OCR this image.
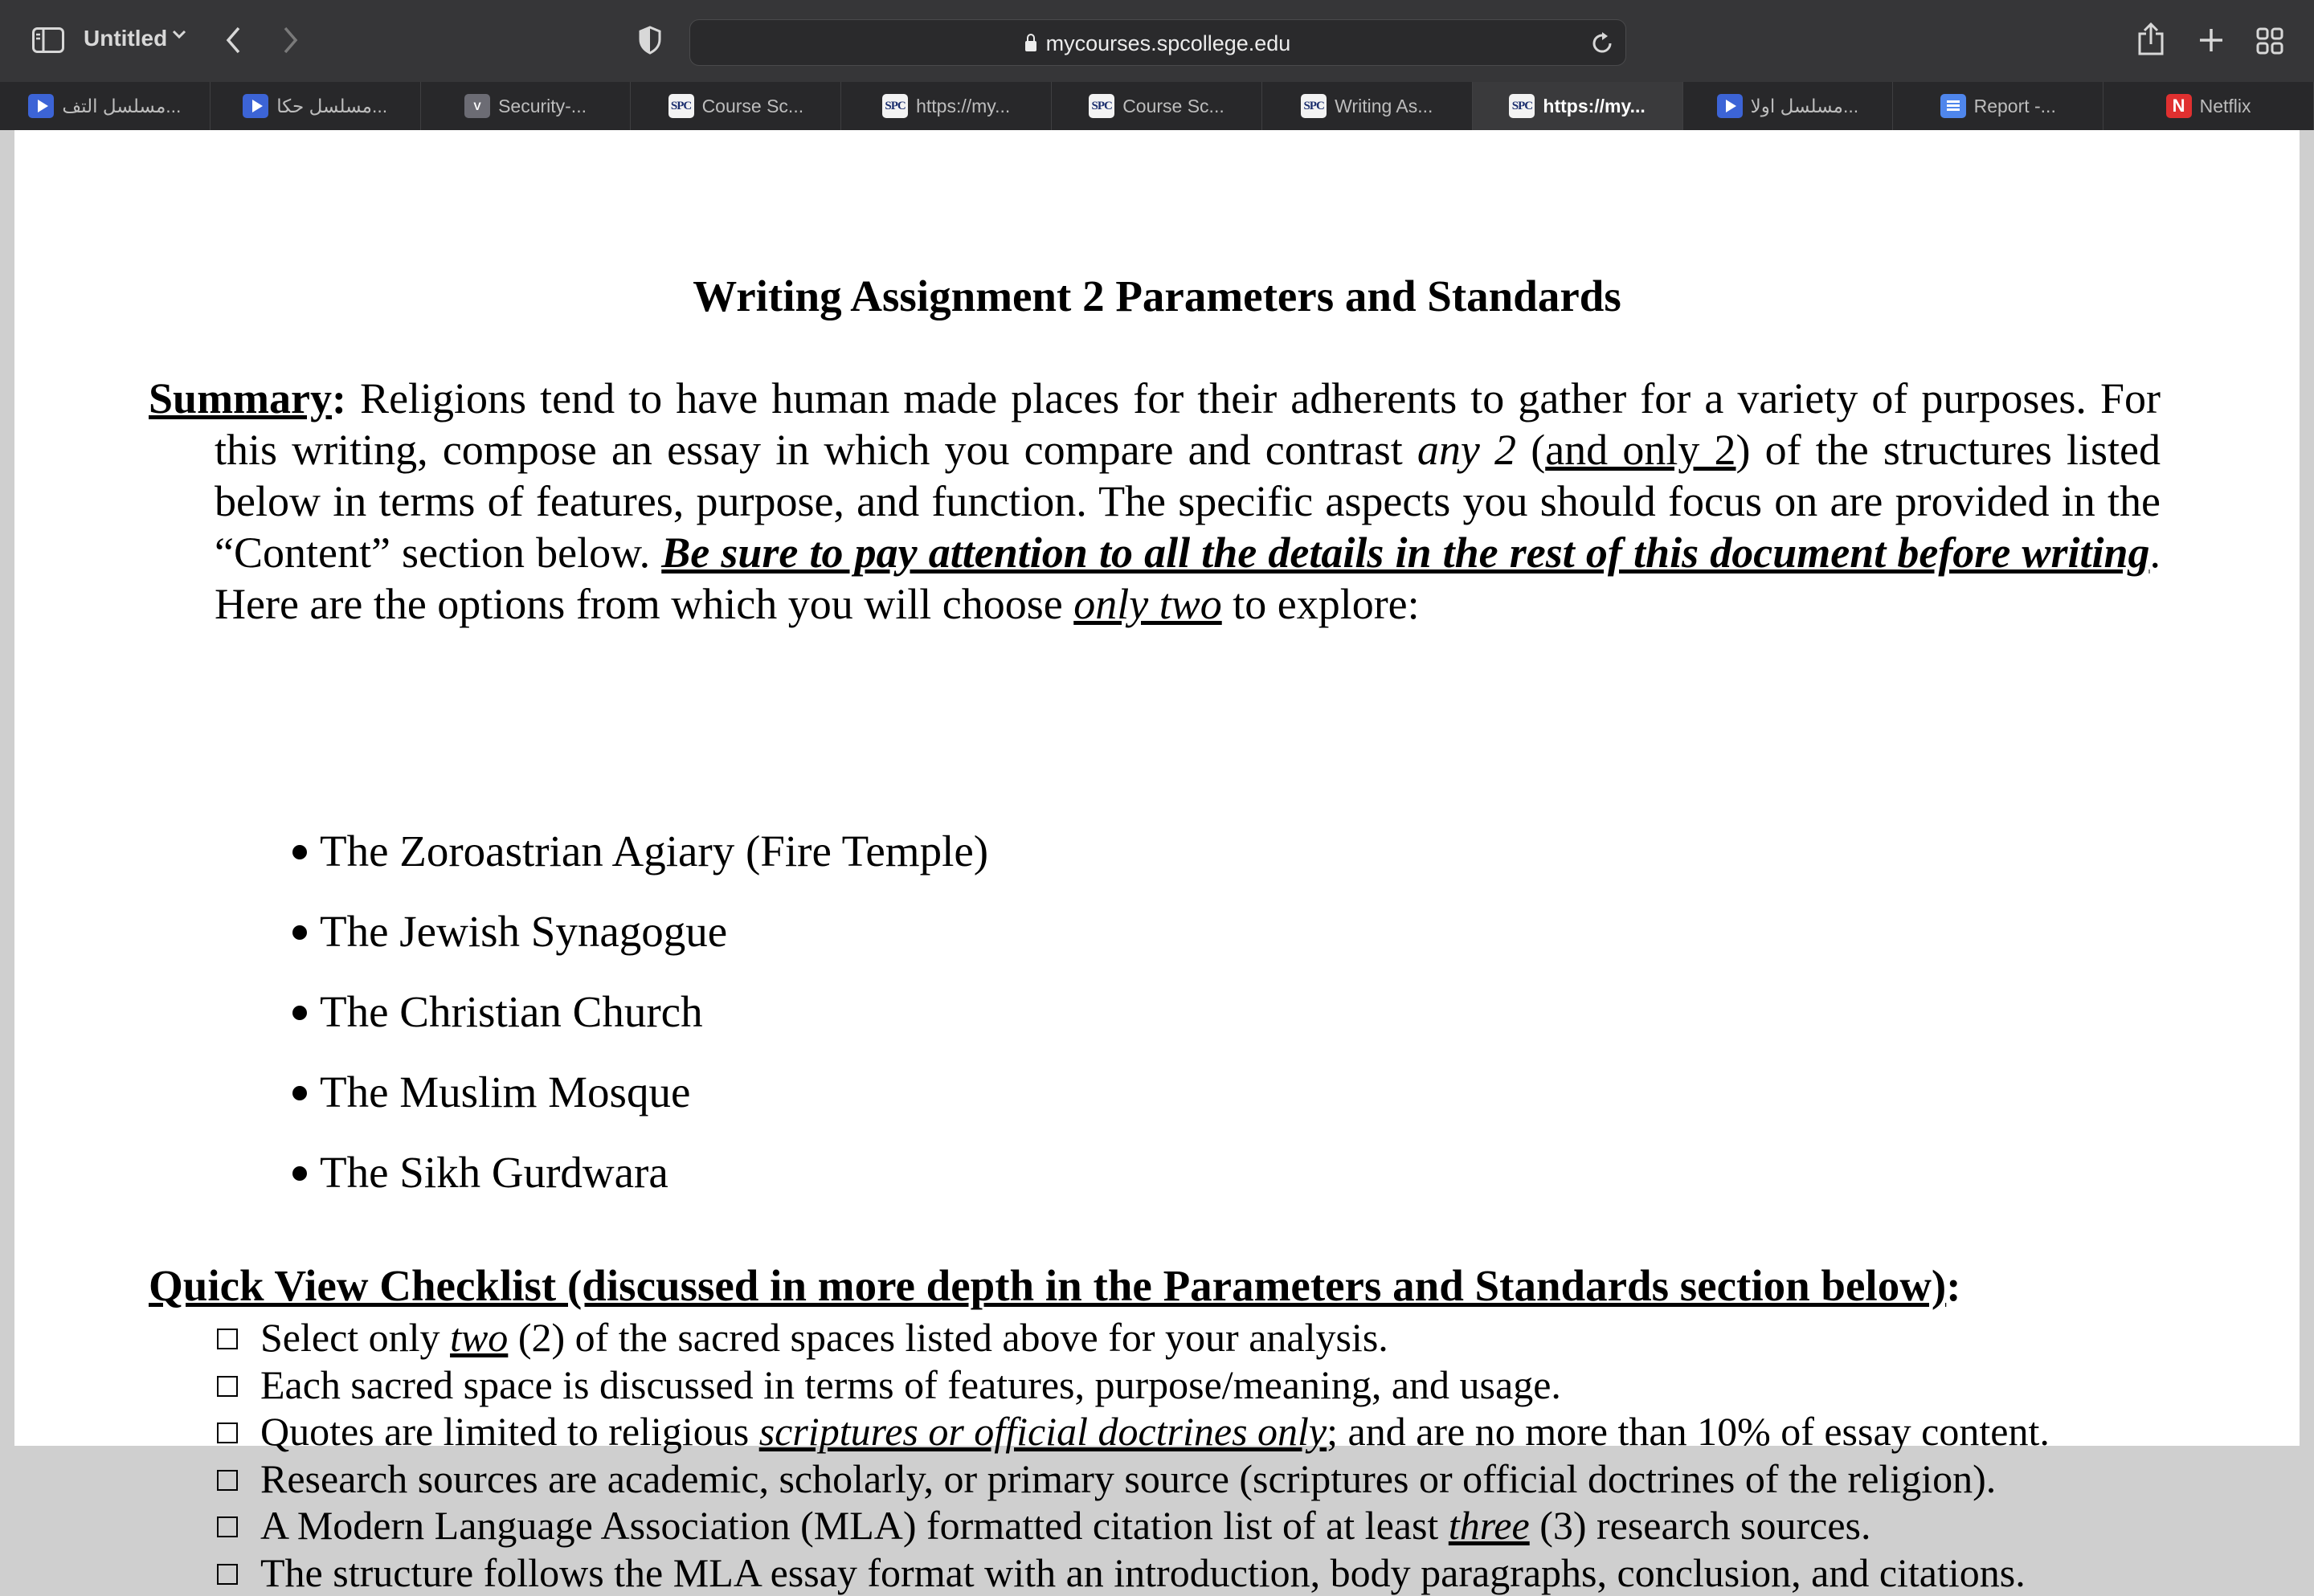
Untitled	mycourses.spcollege.edu
مسلسل التف...	مسلسل حكا...	V Security-...	SPC Course Sc...	SPC https://my...	SPC Course Sc...	SPC Writing As...	SPC https://my...	مسلسل اولا...	Report -...	N Netflix
Writing Assignment 2 Parameters and Standards

Summary: Religions tend to have human made places for their adherents to gather for a variety of purposes. For this writing, compose an essay in which you compare and contrast any 2 (and only 2) of the structures listed below in terms of features, purpose, and function. The specific aspects you should focus on are provided in the “Content” section below. Be sure to pay attention to all the details in the rest of this document before writing. Here are the options from which you will choose only two to explore:

The Zoroastrian Agiary (Fire Temple)
The Jewish Synagogue
The Christian Church
The Muslim Mosque
The Sikh Gurdwara
Quick View Checklist (discussed in more depth in the Parameters and Standards section below):
Select only two (2) of the sacred spaces listed above for your analysis.
Each sacred space is discussed in terms of features, purpose/meaning, and usage.
Quotes are limited to religious scriptures or official doctrines only; and are no more than 10% of essay content.
Research sources are academic, scholarly, or primary source (scriptures or official doctrines of the religion).
A Modern Language Association (MLA) formatted citation list of at least three (3) research sources.
The structure follows the MLA essay format with an introduction, body paragraphs, conclusion, and citations.
